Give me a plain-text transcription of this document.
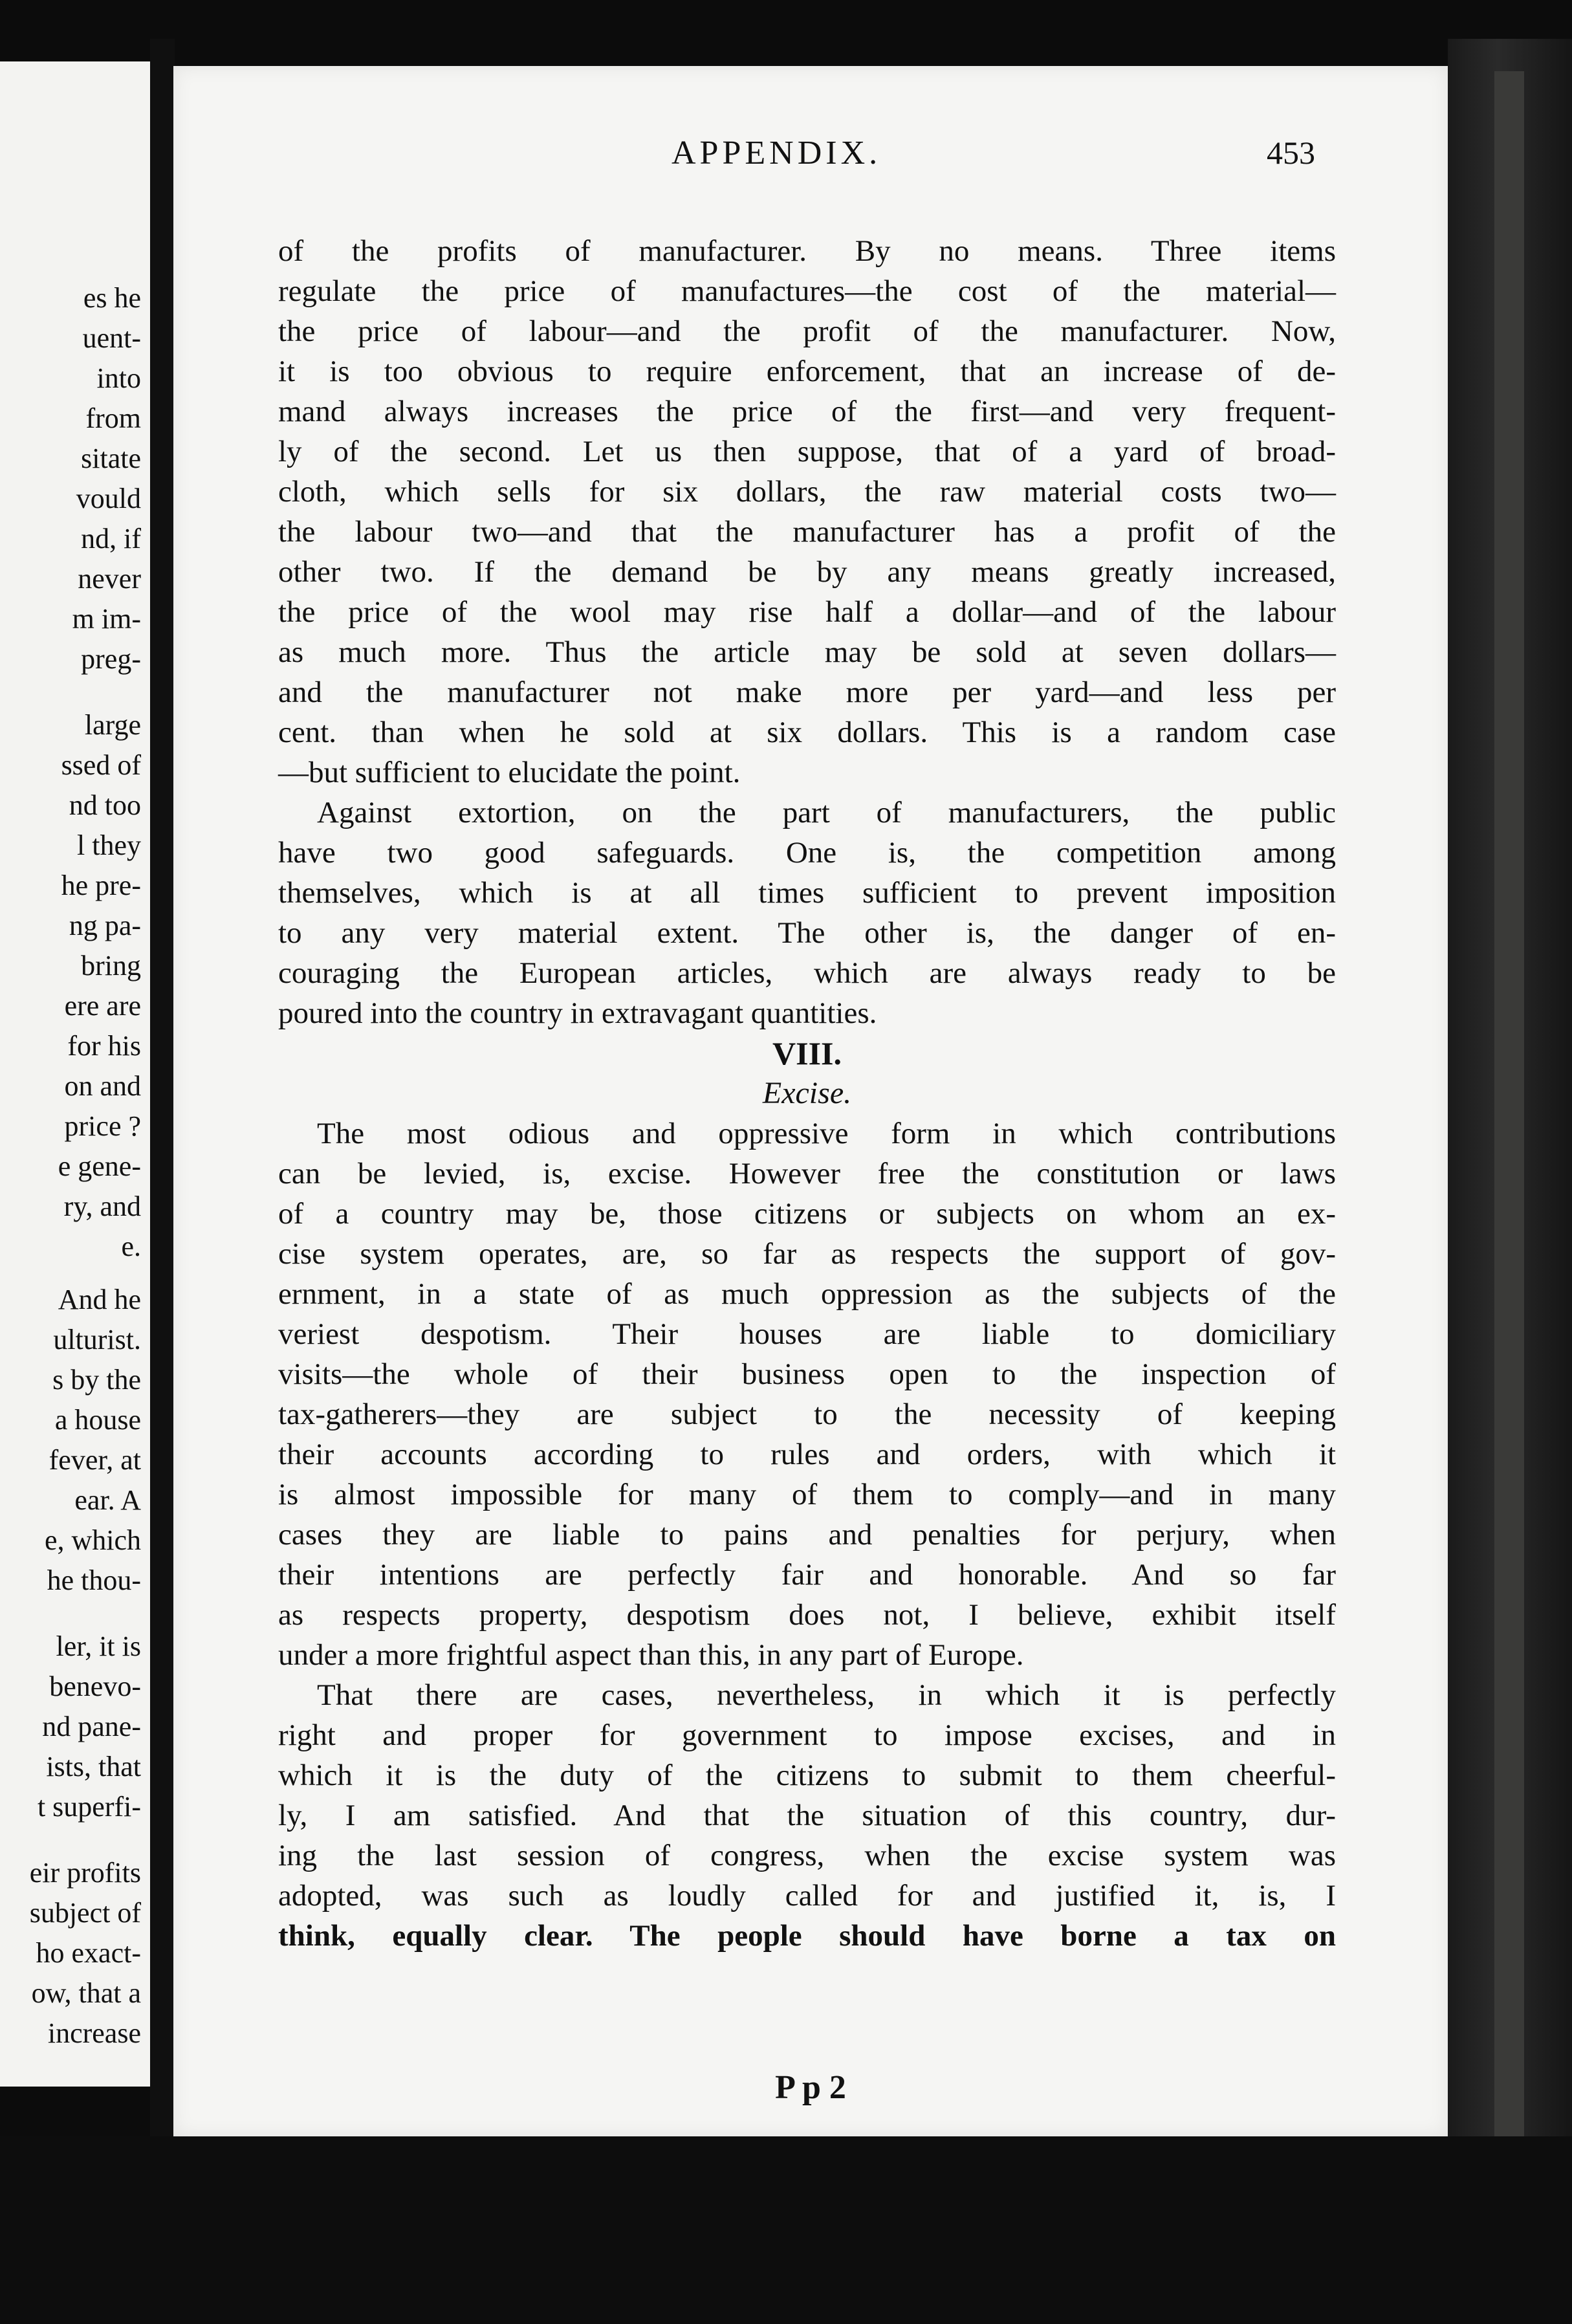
es he
uent-
into
from
sitate
vould
nd, if
never
m im-
preg-
large
ssed of
nd too
l they
he pre-
ng pa-
bring
ere are
for his
on and
price ?
e gene-
ry, and
e.
And he
ulturist.
s by the
a house
fever, at
ear. A
e, which
he thou-
ler, it is
benevo-
nd pane-
ists, that
t superfi-
eir profits
subject of
ho exact-
ow, that a
increase
APPENDIX.	453

of the profits of manufacturer. By no means. Three items
regulate the price of manufactures—the cost of the material—
the price of labour—and the profit of the manufacturer. Now,
it is too obvious to require enforcement, that an increase of de-
mand always increases the price of the first—and very frequent-
ly of the second. Let us then suppose, that of a yard of broad-
cloth, which sells for six dollars, the raw material costs two—
the labour two—and that the manufacturer has a profit of the
other two. If the demand be by any means greatly increased,
the price of the wool may rise half a dollar—and of the labour
as much more. Thus the article may be sold at seven dollars—
and the manufacturer not make more per yard—and less per
cent. than when he sold at six dollars. This is a random case
—but sufficient to elucidate the point.

Against extortion, on the part of manufacturers, the public
have two good safeguards. One is, the competition among
themselves, which is at all times sufficient to prevent imposition
to any very material extent. The other is, the danger of en-
couraging the European articles, which are always ready to be
poured into the country in extravagant quantities.

VIII.
Excise.

The most odious and oppressive form in which contributions
can be levied, is, excise. However free the constitution or laws
of a country may be, those citizens or subjects on whom an ex-
cise system operates, are, so far as respects the support of gov-
ernment, in a state of as much oppression as the subjects of the
veriest despotism. Their houses are liable to domiciliary
visits—the whole of their business open to the inspection of
tax-gatherers—they are subject to the necessity of keeping
their accounts according to rules and orders, with which it
is almost impossible for many of them to comply—and in many
cases they are liable to pains and penalties for perjury, when
their intentions are perfectly fair and honorable. And so far
as respects property, despotism does not, I believe, exhibit itself
under a more frightful aspect than this, in any part of Europe.

That there are cases, nevertheless, in which it is perfectly
right and proper for government to impose excises, and in
which it is the duty of the citizens to submit to them cheerful-
ly, I am satisfied. And that the situation of this country, dur-
ing the last session of congress, when the excise system was
adopted, was such as loudly called for and justified it, is, I
think, equally clear. The people should have borne a tax on

P p 2
